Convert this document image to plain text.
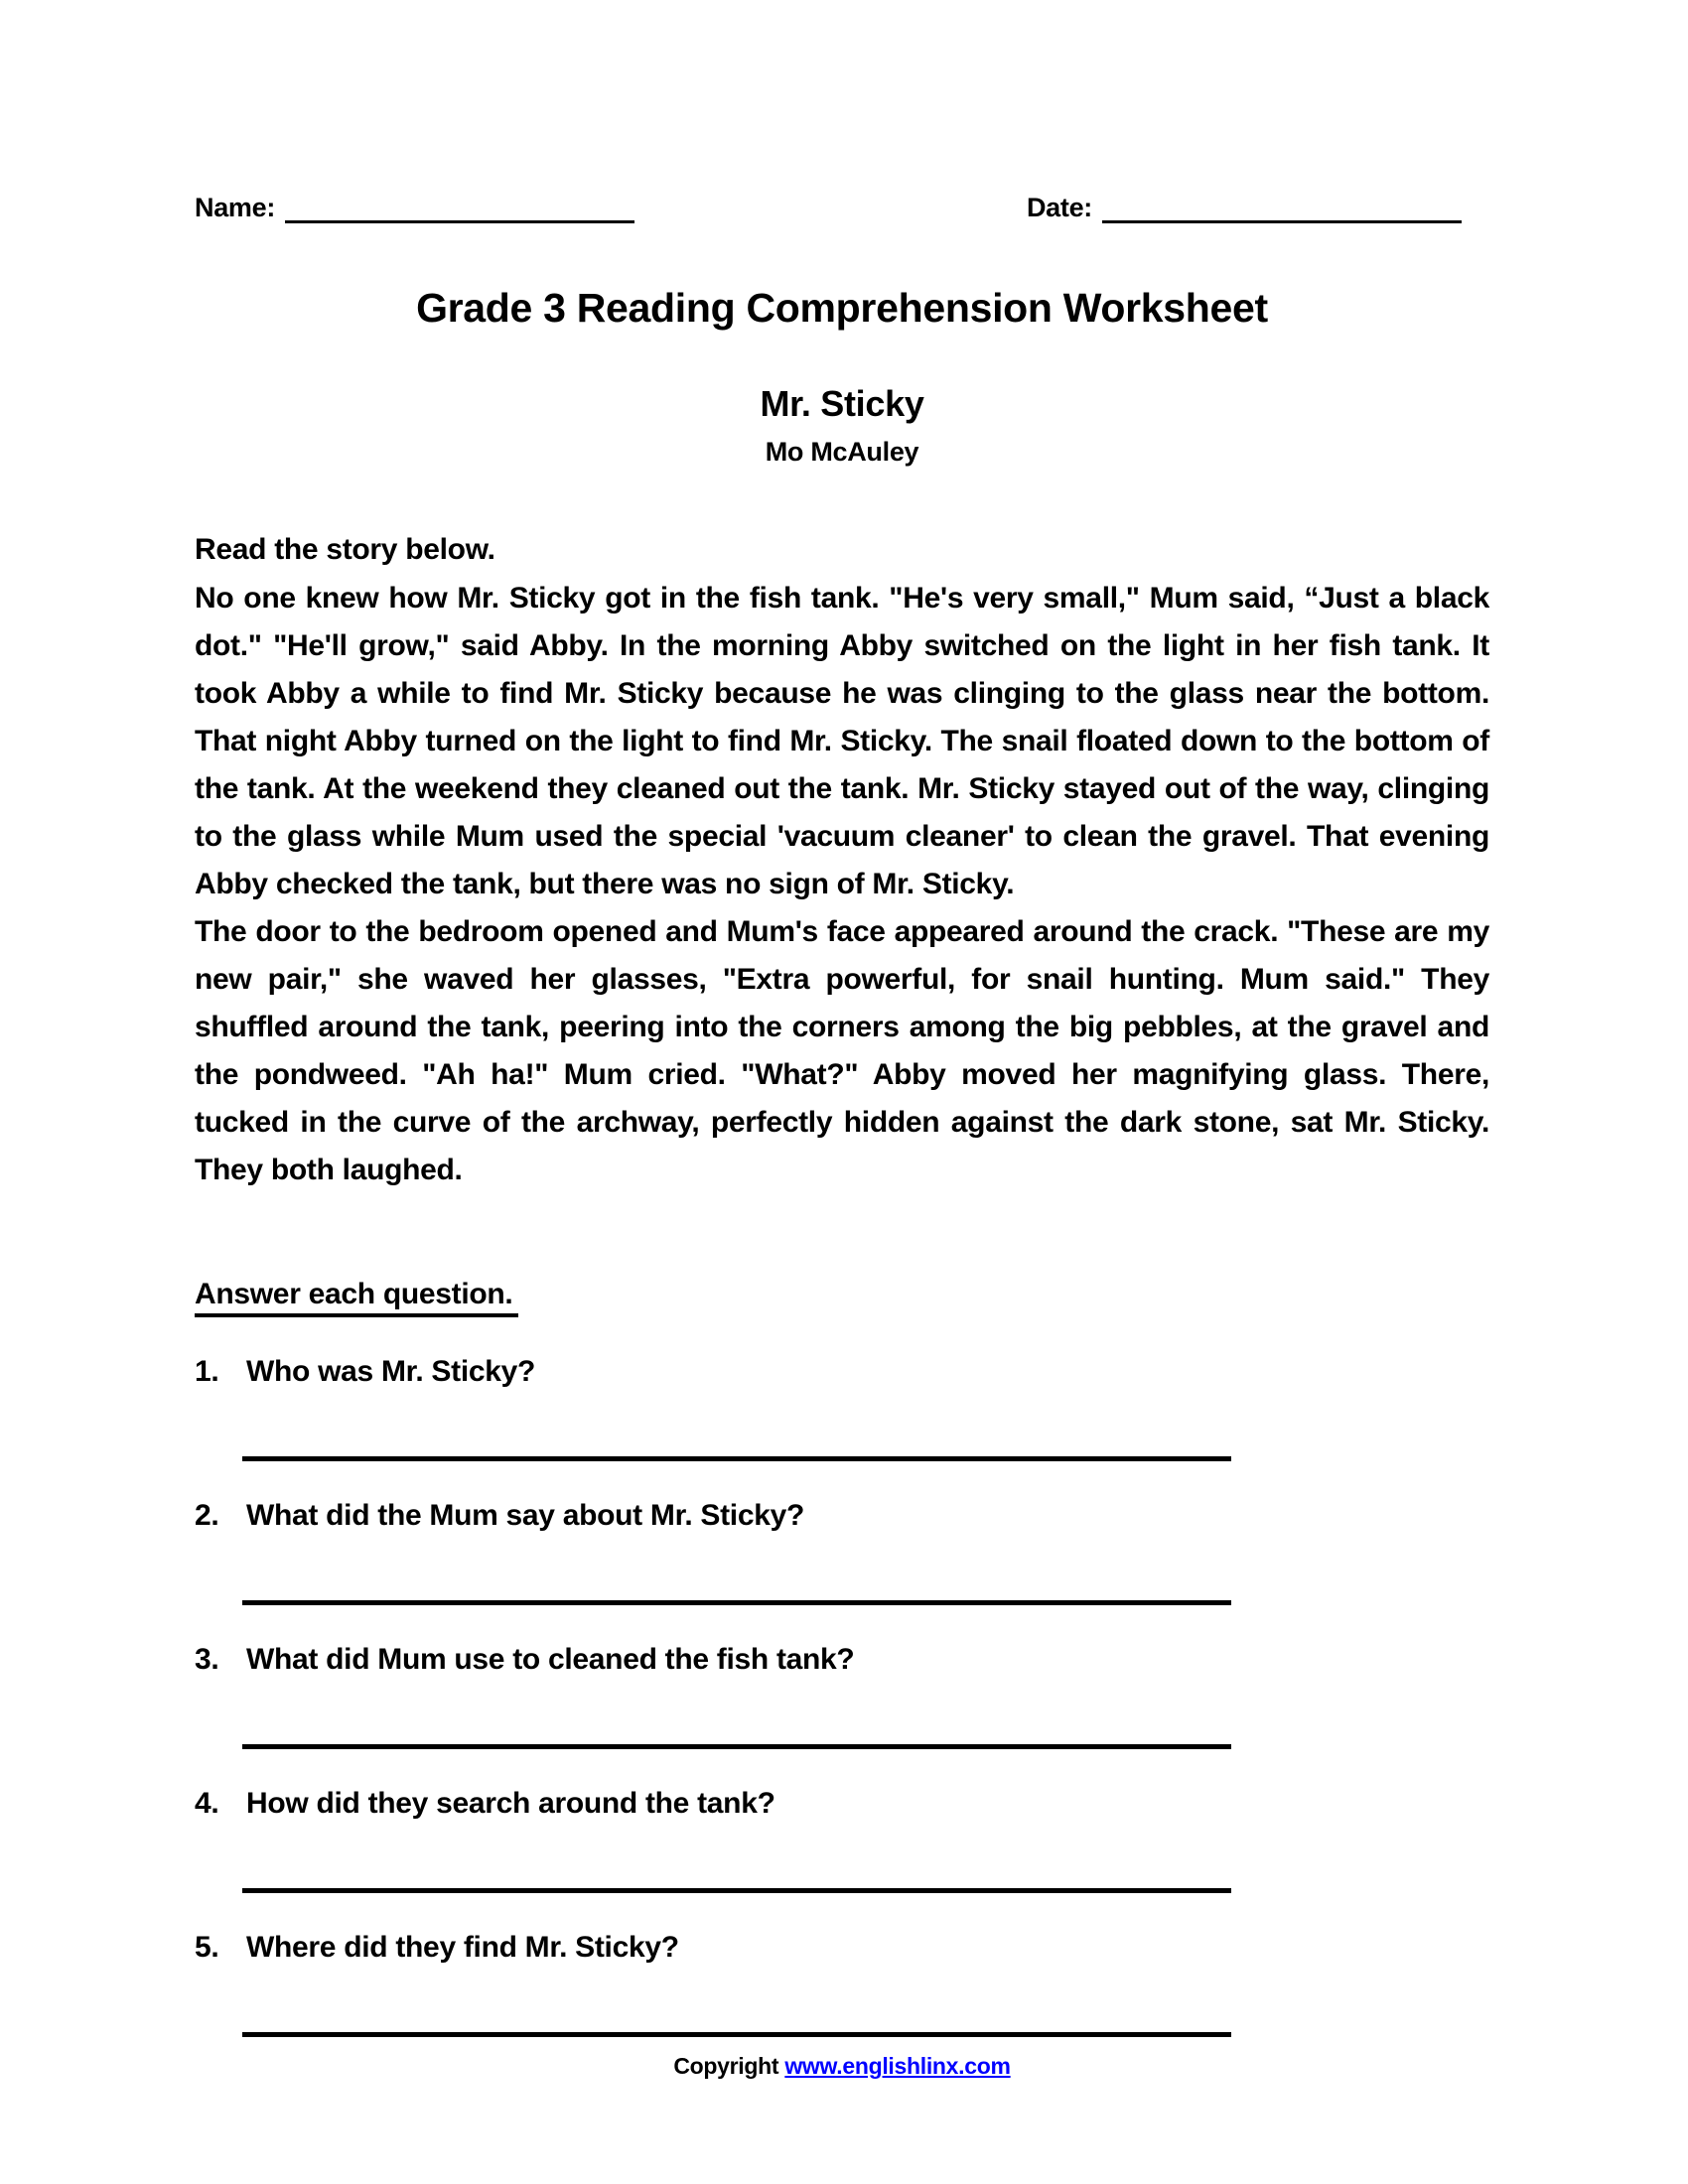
Name:	Date:
Grade 3 Reading Comprehension Worksheet
Mr. Sticky
Mo McAuley
Read the story below.

No one knew how Mr. Sticky got in the fish tank. "He's very small," Mum said, “Just a black dot." "He'll grow," said Abby. In the morning Abby switched on the light in her fish tank. It took Abby a while to find Mr. Sticky because he was clinging to the glass near the bottom. That night Abby turned on the light to find Mr. Sticky. The snail floated down to the bottom of the tank. At the weekend they cleaned out the tank. Mr. Sticky stayed out of the way, clinging to the glass while Mum used the special 'vacuum cleaner' to clean the gravel. That evening Abby checked the tank, but there was no sign of Mr. Sticky.

The door to the bedroom opened and Mum's face appeared around the crack. "These are my new pair," she waved her glasses, "Extra powerful, for snail hunting. Mum said." They shuffled around the tank, peering into the corners among the big pebbles, at the gravel and the pondweed. "Ah ha!" Mum cried. "What?" Abby moved her magnifying glass. There, tucked in the curve of the archway, perfectly hidden against the dark stone, sat Mr. Sticky. They both laughed.

Answer each question.
1. Who was Mr. Sticky?
2. What did the Mum say about Mr. Sticky?
3. What did Mum use to cleaned the fish tank?
4. How did they search around the tank?
5. Where did they find Mr. Sticky?
Copyright www.englishlinx.com
